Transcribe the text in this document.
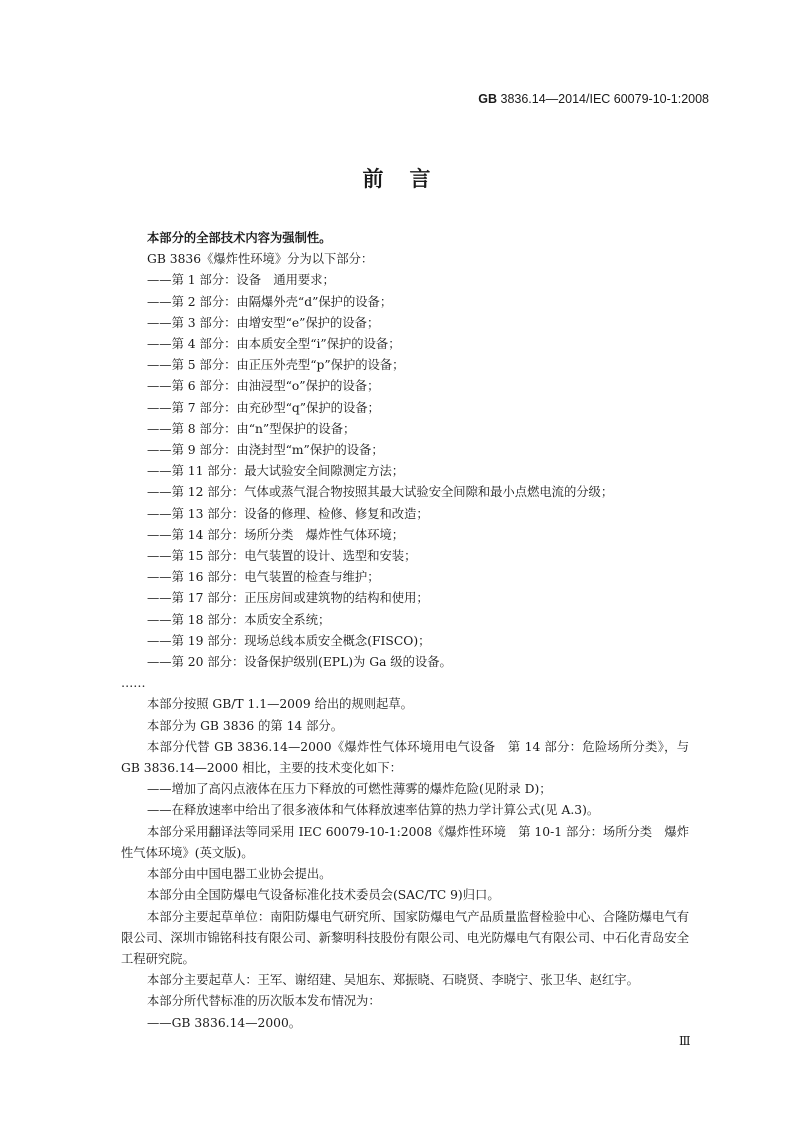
GB 3836.14—2014/IEC 60079-10-1:2008
前言

本部分的全部技术内容为强制性。

GB 3836《爆炸性环境》分为以下部分：

——第 1 部分：设备　通用要求；

——第 2 部分：由隔爆外壳“d”保护的设备；

——第 3 部分：由增安型“e”保护的设备；

——第 4 部分：由本质安全型“i”保护的设备；

——第 5 部分：由正压外壳型“p”保护的设备；

——第 6 部分：由油浸型“o”保护的设备；

——第 7 部分：由充砂型“q”保护的设备；

——第 8 部分：由“n”型保护的设备；

——第 9 部分：由浇封型“m”保护的设备；

——第 11 部分：最大试验安全间隙测定方法；

——第 12 部分：气体或蒸气混合物按照其最大试验安全间隙和最小点燃电流的分级；

——第 13 部分：设备的修理、检修、修复和改造；

——第 14 部分：场所分类　爆炸性气体环境；

——第 15 部分：电气装置的设计、选型和安装；

——第 16 部分：电气装置的检查与维护；

——第 17 部分：正压房间或建筑物的结构和使用；

——第 18 部分：本质安全系统；

——第 19 部分：现场总线本质安全概念(FISCO)；

——第 20 部分：设备保护级别(EPL)为 Ga 级的设备。

……

本部分按照 GB/T 1.1—2009 给出的规则起草。

本部分为 GB 3836 的第 14 部分。

本部分代替 GB 3836.14—2000《爆炸性气体环境用电气设备　第 14 部分：危险场所分类》，与 GB 3836.14—2000 相比，主要的技术变化如下：

——增加了高闪点液体在压力下释放的可燃性薄雾的爆炸危险(见附录 D)；

——在释放速率中给出了很多液体和气体释放速率估算的热力学计算公式(见 A.3)。

本部分采用翻译法等同采用 IEC 60079-10-1:2008《爆炸性环境　第 10-1 部分：场所分类　爆炸性气体环境》(英文版)。

本部分由中国电器工业协会提出。

本部分由全国防爆电气设备标准化技术委员会(SAC/TC 9)归口。

本部分主要起草单位：南阳防爆电气研究所、国家防爆电气产品质量监督检验中心、合隆防爆电气有限公司、深圳市锦铭科技有限公司、新黎明科技股份有限公司、电光防爆电气有限公司、中石化青岛安全工程研究院。

本部分主要起草人：王军、谢绍建、吴旭东、郑振晓、石晓贤、李晓宁、张卫华、赵红宇。

本部分所代替标准的历次版本发布情况为：

——GB 3836.14—2000。

Ⅲ
